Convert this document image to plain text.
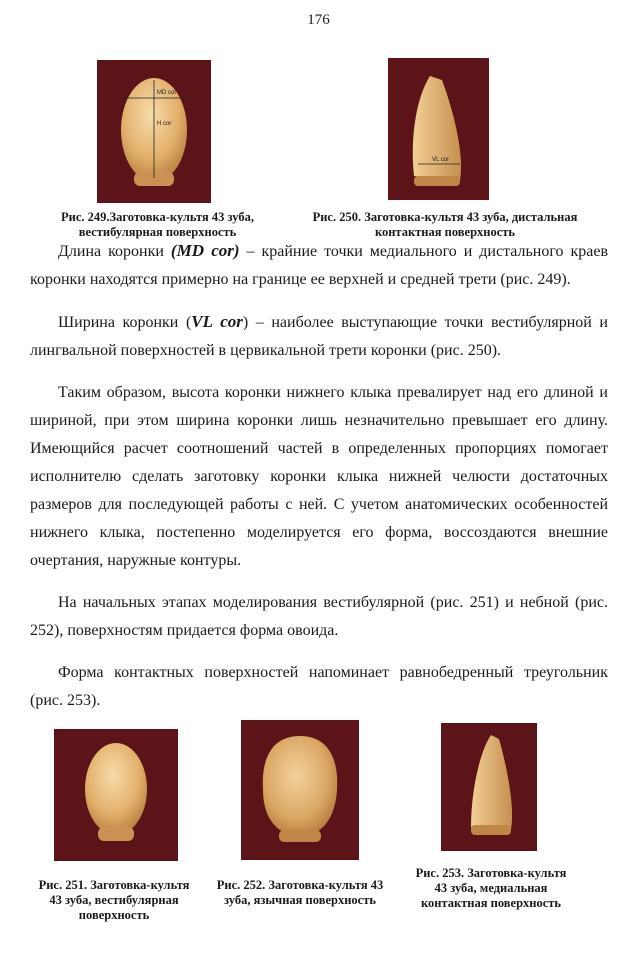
176
MD cor
H cor
Рис. 249.Заготовка-культя 43 зуба, вестибулярная поверхность
VL cor
Рис. 250. Заготовка-культя 43 зуба, дистальная контактная поверхность

Длина коронки (MD cor) – крайние точки медиального и дистального краев коронки находятся примерно на границе ее верхней и средней трети (рис. 249).

Ширина коронки (VL cor) – наиболее выступающие точки вестибулярной и лингвальной поверхностей в цервикальной трети коронки (рис. 250).

Таким образом, высота коронки нижнего клыка превалирует над его длиной и шириной, при этом ширина коронки лишь незначительно превышает его длину. Имеющийся расчет соотношений частей в определенных пропорциях помогает исполнителю сделать заготовку коронки клыка нижней челюсти достаточных размеров для последующей работы с ней. С учетом анатомических особенностей нижнего клыка, постепенно моделируется его форма, воссоздаются внешние очертания, наружные контуры.

На начальных этапах моделирования вестибулярной (рис. 251) и небной (рис. 252), поверхностям придается форма овоида.

Форма контактных поверхностей напоминает равнобедренный треугольник (рис. 253).

Рис. 251. Заготовка-культя 43 зуба, вестибулярная поверхность
Рис. 252. Заготовка-культя 43 зуба, язычная поверхность
Рис. 253. Заготовка-культя 43 зуба, медиальная контактная поверхность
